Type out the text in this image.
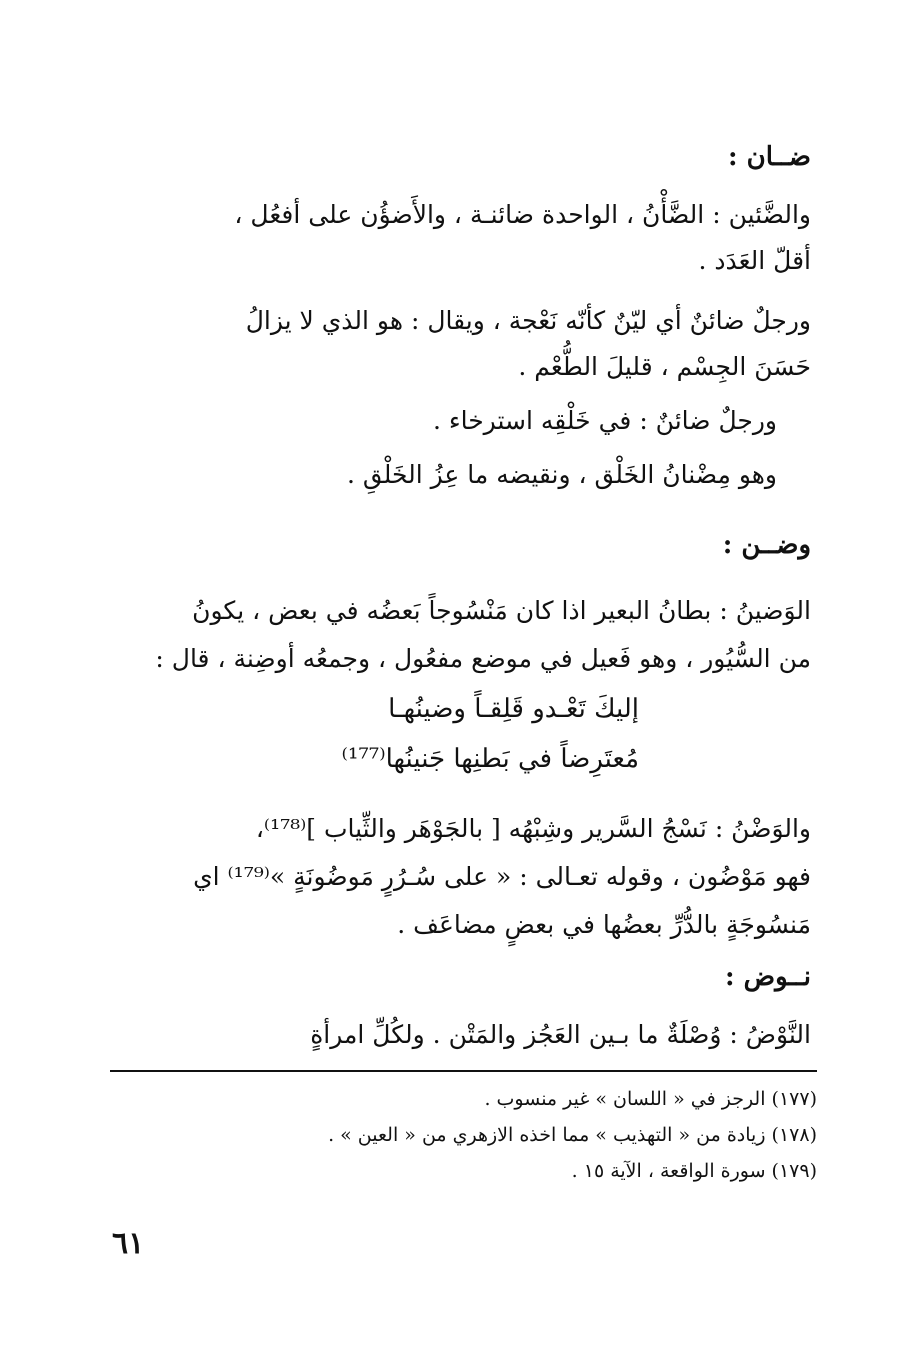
ضــان :
والضَّئين : الضَّأْنُ ، الواحدة ضائنـة ، والأَضؤُن على أفعُل ،
أقلّ العَدَد .
ورجلٌ ضائنٌ أي ليّنٌ كأنّه نَعْجة ، ويقال : هو الذي لا يزالُ
حَسَنَ الجِسْم ، قليلَ الطُّعْم .
ورجلٌ ضائنٌ : في خَلْقِه استرخاء .
وهو مِضْنانُ الخَلْق ، ونقيضه ما عِزُ الخَلْقِ .
وضــن :
الوَضينُ : بطانُ البعير اذا كان مَنْسُوجاً بَعضُه في بعض ، يكونُ
من السُّيُور ، وهو فَعيل في موضع مفعُول ، وجمعُه أوضِنة ، قال :
إليكَ تَعْـدو قَلِقـاً وضينُهـا
مُعتَرِضاً في بَطنِها جَنينُها⁽¹⁷⁷⁾
والوَضْنُ : نَسْجُ السَّرير وشِبْهُه [ بالجَوْهَر والثِّياب ]⁽¹⁷⁸⁾،
فهو مَوْضُون ، وقوله تعـالى : « على سُـرُرٍ مَوضُونَةٍ »⁽¹⁷⁹⁾ اي
مَنسُوجَةٍ بالدُّرِّ بعضُها في بعضٍ مضاعَف .
نــوض :
النَّوْضُ : وُصْلَةٌ ما بـين العَجُز والمَتْن . ولكُلِّ امرأةٍ
(١٧٧) الرجز في « اللسان » غير منسوب .
(١٧٨) زيادة من « التهذيب » مما اخذه الازهري من « العين » .
(١٧٩) سورة الواقعة ، الآية ١٥ .
٦١
